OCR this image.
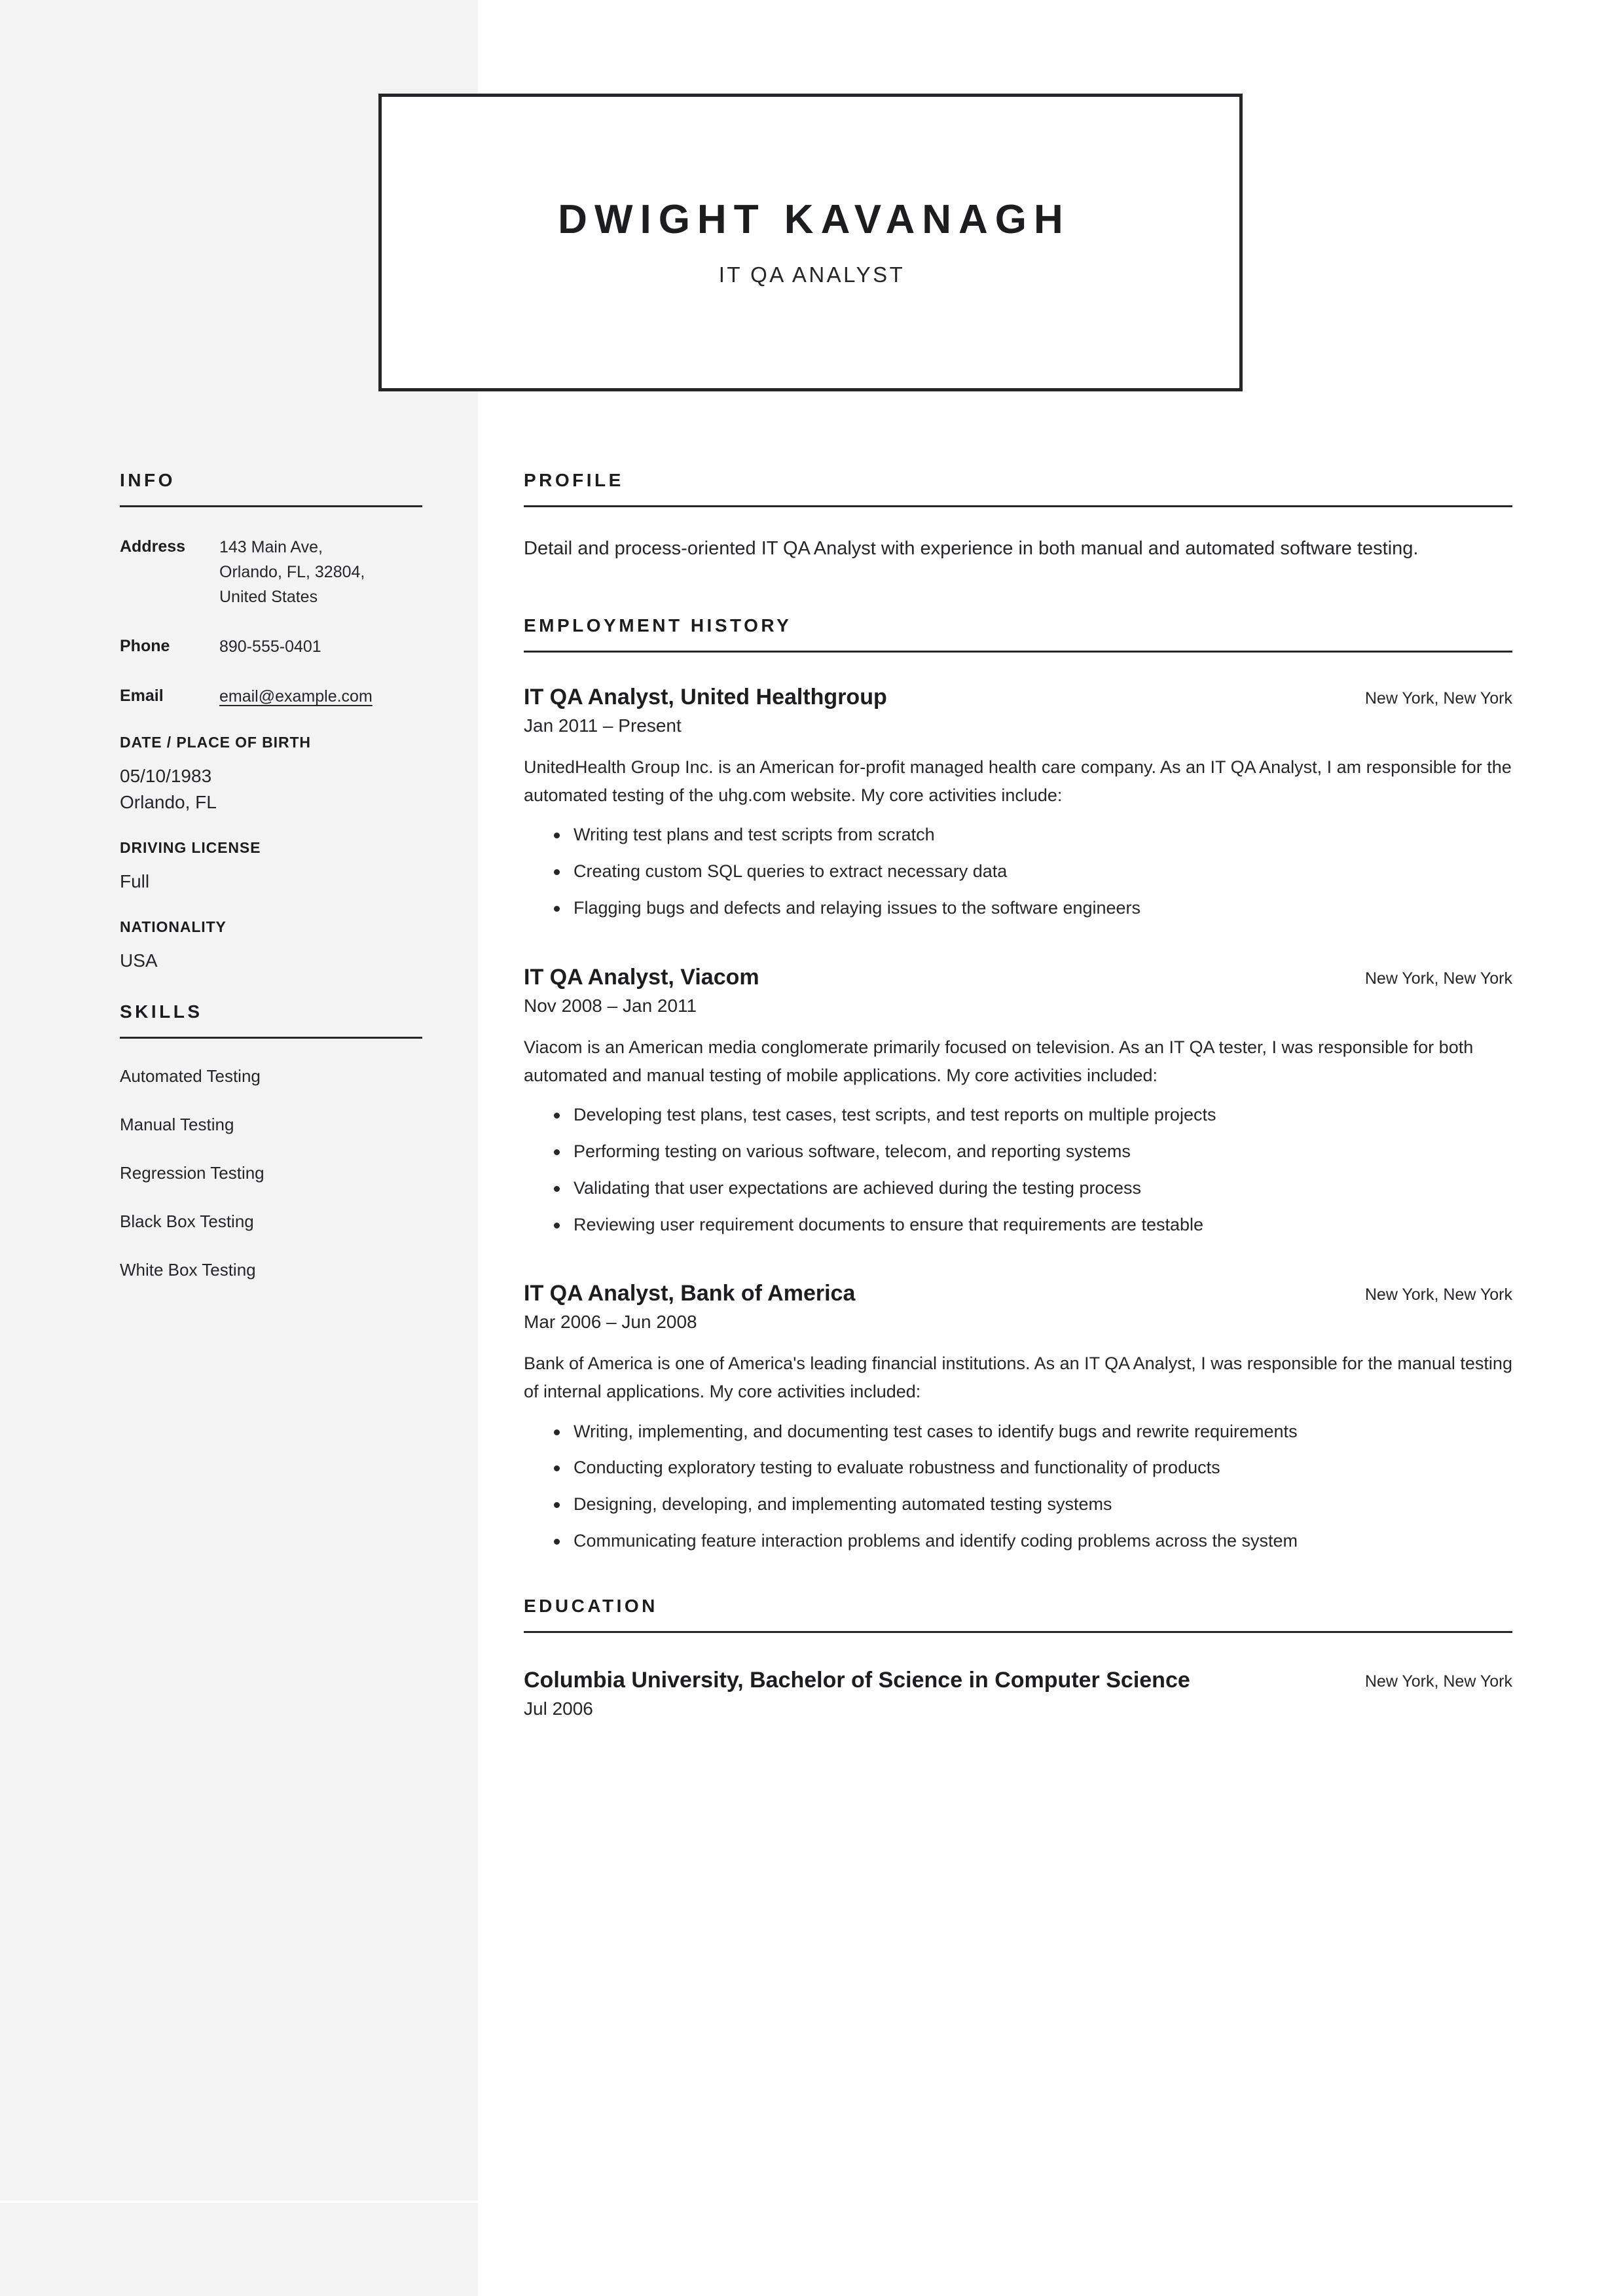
DWIGHT KAVANAGH
IT QA ANALYST
INFO
Address	143 Main Ave,
Orlando, FL, 32804,
United States
Phone	890-555-0401
Email	email@example.com
DATE / PLACE OF BIRTH
05/10/1983
Orlando, FL
DRIVING LICENSE
Full
NATIONALITY
USA
SKILLS
Automated Testing
Manual Testing
Regression Testing
Black Box Testing
White Box Testing
PROFILE
Detail and process-oriented IT QA Analyst with experience in both manual and automated software testing.
EMPLOYMENT HISTORY
IT QA Analyst, United Healthgroup	New York, New York
Jan 2011 – Present
UnitedHealth Group Inc. is an American for-profit managed health care company. As an IT QA Analyst, I am responsible for the automated testing of the uhg.com website. My core activities include:
Writing test plans and test scripts from scratch
Creating custom SQL queries to extract necessary data
Flagging bugs and defects and relaying issues to the software engineers
IT QA Analyst, Viacom	New York, New York
Nov 2008 – Jan 2011
Viacom is an American media conglomerate primarily focused on television. As an IT QA tester, I was responsible for both automated and manual testing of mobile applications. My core activities included:
Developing test plans, test cases, test scripts, and test reports on multiple projects
Performing testing on various software, telecom, and reporting systems
Validating that user expectations are achieved during the testing process
Reviewing user requirement documents to ensure that requirements are testable
IT QA Analyst, Bank of America	New York, New York
Mar 2006 – Jun 2008
Bank of America is one of America's leading financial institutions. As an IT QA Analyst, I was responsible for the manual testing of internal applications. My core activities included:
Writing, implementing, and documenting test cases to identify bugs and rewrite requirements
Conducting exploratory testing to evaluate robustness and functionality of products
Designing, developing, and implementing automated testing systems
Communicating feature interaction problems and identify coding problems across the system
EDUCATION
Columbia University, Bachelor of Science in Computer Science	New York, New York
Jul 2006
